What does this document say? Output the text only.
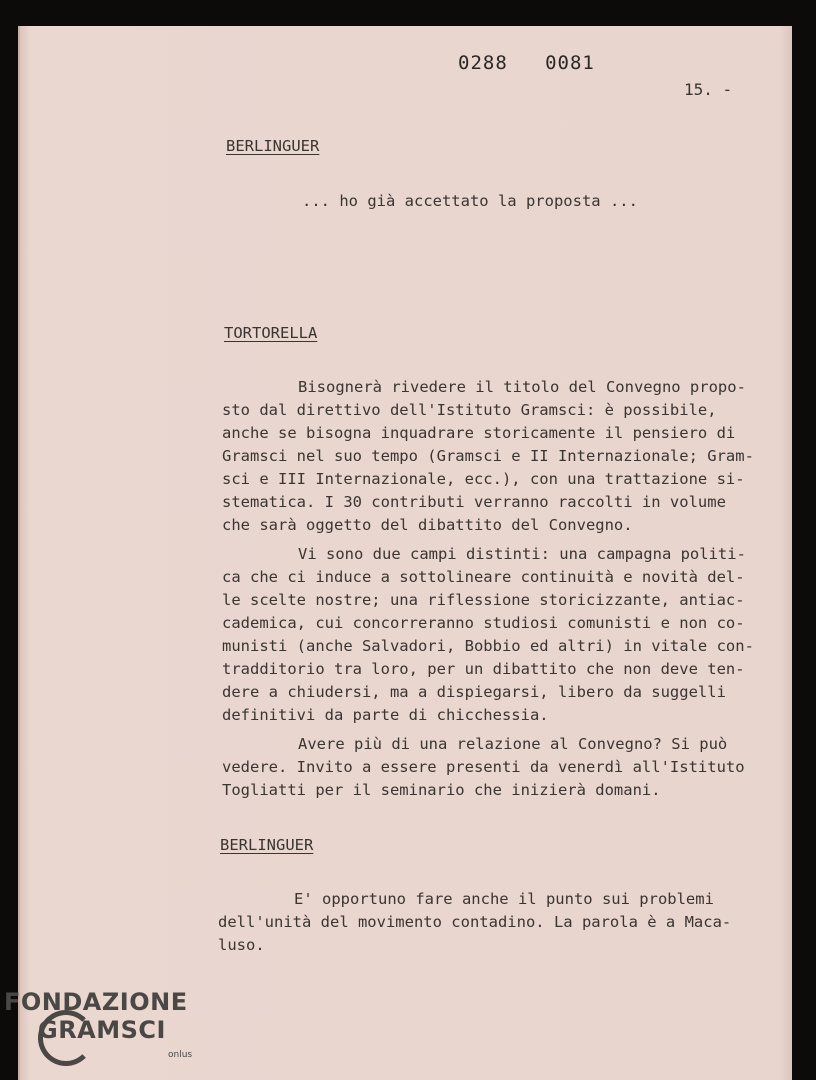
0288   0081
15. -
BERLINGUER
... ho già accettato la proposta ...
TORTORELLA
Bisognerà rivedere il titolo del Convegno propo-
sto dal direttivo dell'Istituto Gramsci: è possibile,
anche se bisogna inquadrare storicamente il pensiero di
Gramsci nel suo tempo (Gramsci e II Internazionale; Gram-
sci e III Internazionale, ecc.), con una trattazione si-
stematica. I 30 contributi verranno raccolti in volume
che sarà oggetto del dibattito del Convegno.
Vi sono due campi distinti: una campagna politi-
ca che ci induce a sottolineare continuità e novità del-
le scelte nostre; una riflessione storicizzante, antiac-
cademica, cui concorreranno studiosi comunisti e non co-
munisti (anche Salvadori, Bobbio ed altri) in vitale con-
tradditorio tra loro, per un dibattito che non deve ten-
dere a chiudersi, ma a dispiegarsi, libero da suggelli
definitivi da parte di chicchessia.
Avere più di una relazione al Convegno? Si può
vedere. Invito a essere presenti da venerdì all'Istituto
Togliatti per il seminario che inizierà domani.
BERLINGUER
E' opportuno fare anche il punto sui problemi
dell'unità del movimento contadino. La parola è a Maca-
luso.
FONDAZIONE
GRAMSCI
onlus
